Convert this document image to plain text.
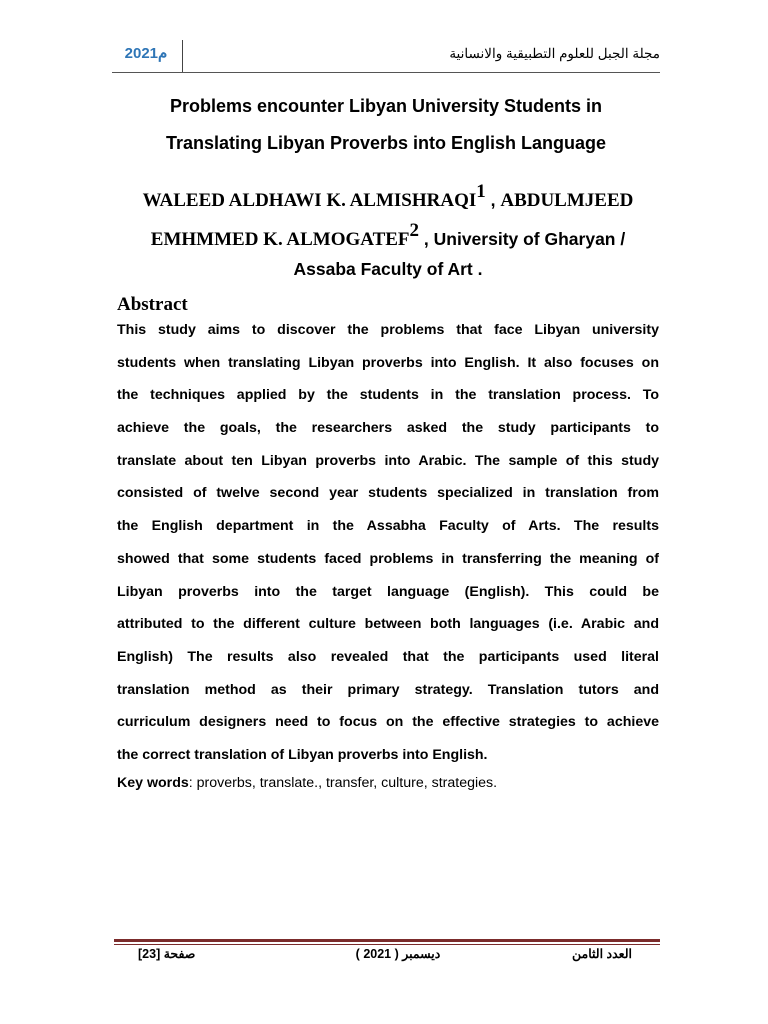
2021م	مجلة الجبل للعلوم التطبيقية والانسانية
Problems encounter Libyan University Students in
Translating Libyan Proverbs into English Language
WALEED ALDHAWI K. ALMISHRAQI$^1$ , ABDULMJEED
EMHMMED K. ALMOGATEF$^2$ , University of Gharyan /
Assaba Faculty of Art .
Abstract
This study aims to discover the problems that face Libyan university
students when translating Libyan proverbs into English. It also focuses on
the techniques applied by the students in the translation process. To
achieve the goals, the researchers asked the study participants to
translate about ten Libyan proverbs into Arabic. The sample of this study
consisted of twelve second year students specialized in translation from
the English department in the Assabha Faculty of Arts. The results
showed that some students faced problems in transferring the meaning of
Libyan proverbs into the target language (English). This could be
attributed to the different culture between both languages (i.e. Arabic and
English) The results also revealed that the participants used literal
translation method as their primary strategy. Translation tutors and
curriculum designers need to focus on the effective strategies to achieve
the correct translation of Libyan proverbs into English.
Key words: proverbs, translate., transfer, culture, strategies.
العدد الثامن
ديسمبر ( 2021 )
صفحة [23]
